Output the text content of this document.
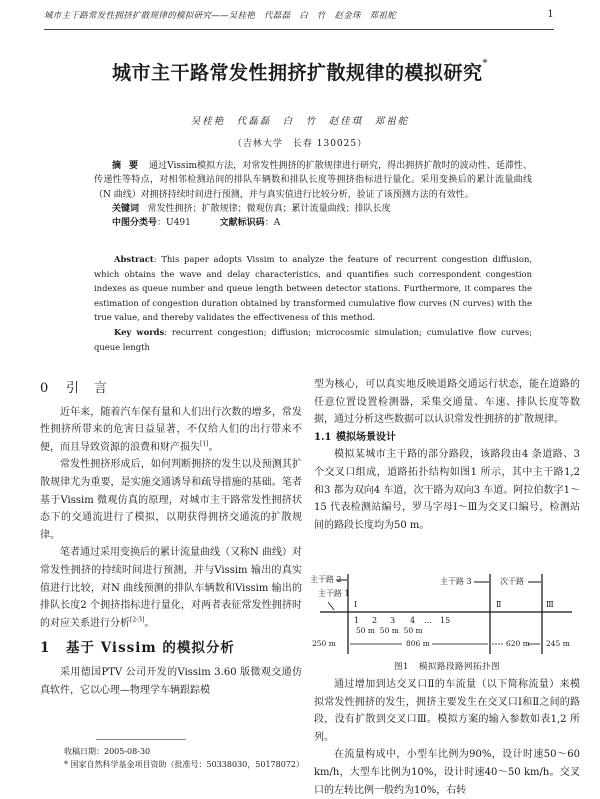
城市主干路常发性拥挤扩散规律的模拟研究——吴桂艳　代磊磊　白　竹　赵金珠　郑祖舵	1
城市主干路常发性拥挤扩散规律的模拟研究*
吴桂艳　代磊磊　白　竹　赵佳琪　郑祖舵
（吉林大学　长春 130025）

摘要 通过Vissim模拟方法，对常发性拥挤的扩散规律进行研究，得出拥挤扩散时的波动性、延滞性、传递性等特点，对相邻检测站间的排队车辆数和排队长度等拥挤指标进行量化。采用变换后的累计流量曲线（N 曲线）对拥挤持续时间进行预测，并与真实值进行比较分析，验证了该预测方法的有效性。

关键词 常发性拥挤；扩散规律；微观仿真；累计流量曲线；排队长度

中图分类号：U491	文献标识码：A

Abstract: This paper adopts Vissim to analyze the feature of recurrent congestion diffusion, which obtains the wave and delay characteristics, and quantifies such correspondent congestion indexes as queue number and queue length between detector stations. Furthermore, it compares the estimation of congestion duration obtained by transformed cumulative flow curves (N curves) with the true value, and thereby validates the effectiveness of this method.

Key words: recurrent congestion; diffusion; microcosmic simulation; cumulative flow curves; queue length

0 引　言

近年来，随着汽车保有量和人们出行次数的增多，常发性拥挤所带来的危害日益显著，不仅给人们的出行带来不便，而且导致资源的浪费和财产损失[1]。

常发性拥挤形成后，如何判断拥挤的发生以及预测其扩散规律尤为重要，是实施交通诱导和疏导措施的基础。笔者基于Vissim 微观仿真的原理，对城市主干路常发性拥挤状态下的交通流进行了模拟，以期获得拥挤交通流的扩散规律。

笔者通过采用变换后的累计流量曲线（又称N 曲线）对常发性拥挤的持续时间进行预测，并与Vissim 输出的真实值进行比较，对N 曲线预测的排队车辆数和Vissim 输出的排队长度2 个拥挤指标进行量化，对两者表征常发性拥挤时的对应关系进行分析[2-3]。

1 基于 Vissim 的模拟分析

采用德国PTV 公司开发的Vissim 3.60 版微观交通仿真软件，它以心理—物理学车辆跟踪模

收稿日期：2005-08-30

* 国家自然科学基金项目资助（批准号：50338030，50178072）

型为核心，可以真实地反映道路交通运行状态，能在道路的任意位置设置检测器，采集交通量、车速、排队长度等数据，通过分析这些数据可以认识常发性拥挤的扩散规律。

1.1 模拟场景设计

模拟某城市主干路的部分路段，该路段由4 条道路、3 个交叉口组成，道路拓扑结构如图1 所示，其中主干路1,2 和3 都为双向4 车道，次干路为双向3 车道。阿拉伯数字1～15 代表检测站编号，罗马字母Ⅰ～Ⅲ为交叉口编号，检测站间的路段长度均为50 m。

主干路 2
主干路 1
主干路 3	次干路
Ⅰ	Ⅱ	Ⅲ
1 2 3 4 … 15
50 m  50 m  50 m
250 m	806 m	620 m 245 m
图1 模拟路段路网拓扑图

通过增加到达交叉口Ⅱ的车流量（以下简称流量）来模拟常发性拥挤的发生，拥挤主要发生在交叉口Ⅰ和Ⅱ之间的路段，没有扩散到交叉口Ⅲ。模拟方案的输入参数如表1,2 所列。

在流量构成中，小型车比例为90%，设计时速50～60 km/h，大型车比例为10%，设计时速40～50 km/h。交叉口的左转比例一般约为10%，右转
